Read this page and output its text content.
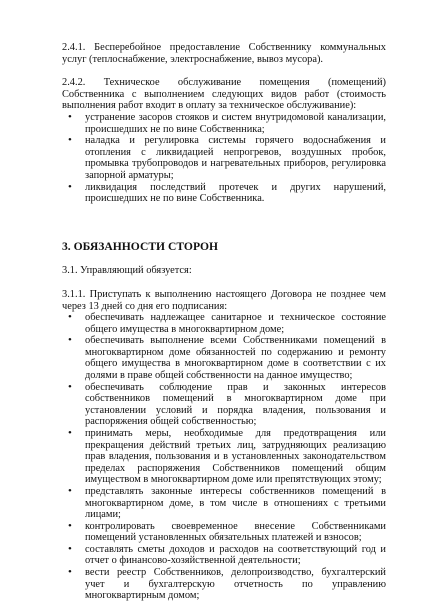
2.4.1. Бесперебойное предоставление Собственнику коммунальных услуг (теплоснабжение, электроснабжение, вывоз мусора).
2.4.2. Техническое обслуживание помещения (помещений) Собственника с выполнением следующих видов работ (стоимость выполнения работ входит в оплату за техническое обслуживание):
• устранение засоров стояков и систем внутридомовой канализации, происшедших не по вине Собственника;
• наладка и регулировка системы горячего водоснабжения и отопления с ликвидацией непрогревов, воздушных пробок, промывка трубопроводов и нагревательных приборов, регулировка запорной арматуры;
• ликвидация последствий протечек и других нарушений, происшедших не по вине Собственника.
3. ОБЯЗАННОСТИ СТОРОН
3.1. Управляющий обязуется:
3.1.1. Приступать к выполнению настоящего Договора не позднее чем через 13 дней со дня его подписания:
• обеспечивать надлежащее санитарное и техническое состояние общего имущества в многоквартирном доме;
• обеспечивать выполнение всеми Собственниками помещений в многоквартирном доме обязанностей по содержанию и ремонту общего имущества в многоквартирном доме в соответствии с их долями в праве общей собственности на данное имущество;
• обеспечивать соблюдение прав и законных интересов собственников помещений в многоквартирном доме при установлении условий и порядка владения, пользования и распоряжения общей собственностью;
• принимать меры, необходимые для предотвращения или прекращения действий третьих лиц, затрудняющих реализацию прав владения, пользования и в установленных законодательством пределах распоряжения Собственников помещений общим имуществом в многоквартирном доме или препятствующих этому;
• представлять законные интересы собственников помещений в многоквартирном доме, в том числе в отношениях с третьими лицами;
• контролировать своевременное внесение Собственниками помещений установленных обязательных платежей и взносов;
• составлять сметы доходов и расходов на соответствующий год и отчет о финансово-хозяйственной деятельности;
• вести реестр Собственников, делопроизводство, бухгалтерский учет и бухгалтерскую отчетность по управлению многоквартирным домом;
